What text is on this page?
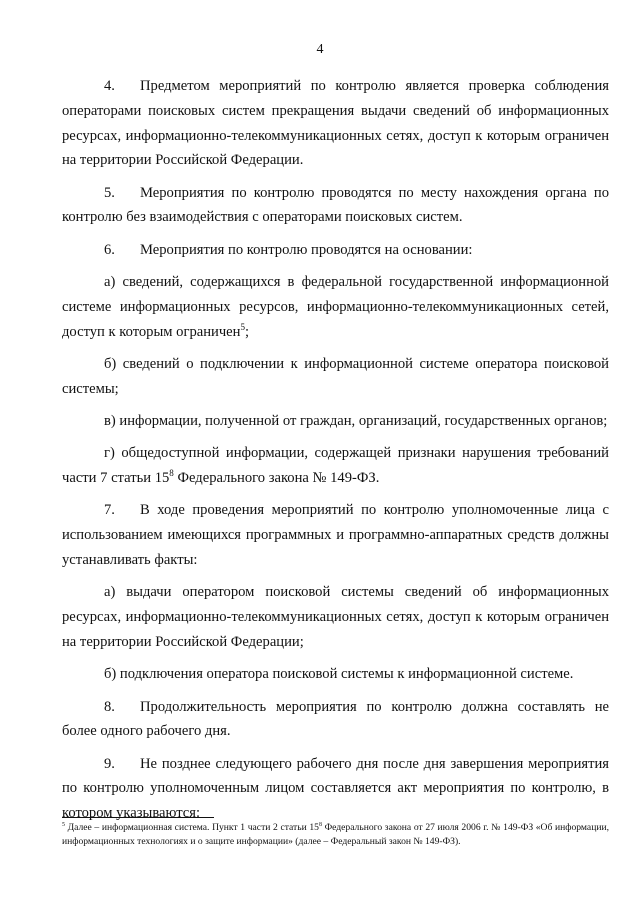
4

4. Предметом мероприятий по контролю является проверка соблюдения операторами поисковых систем прекращения выдачи сведений об информационных ресурсах, информационно-телекоммуникационных сетях, доступ к которым ограничен на территории Российской Федерации.

5. Мероприятия по контролю проводятся по месту нахождения органа по контролю без взаимодействия с операторами поисковых систем.

6. Мероприятия по контролю проводятся на основании:

а) сведений, содержащихся в федеральной государственной информационной системе информационных ресурсов, информационно-телекоммуникационных сетей, доступ к которым ограничен$^5$;

б) сведений о подключении к информационной системе оператора поисковой системы;

в) информации, полученной от граждан, организаций, государственных органов;

г) общедоступной информации, содержащей признаки нарушения требований части 7 статьи $15^8$ Федерального закона № 149-ФЗ.

7. В ходе проведения мероприятий по контролю уполномоченные лица с использованием имеющихся программных и программно-аппаратных средств должны устанавливать факты:

а) выдачи оператором поисковой системы сведений об информационных ресурсах, информационно-телекоммуникационных сетях, доступ к которым ограничен на территории Российской Федерации;

б) подключения оператора поисковой системы к информационной системе.

8. Продолжительность мероприятия по контролю должна составлять не более одного рабочего дня.

9. Не позднее следующего рабочего дня после дня завершения мероприятия по контролю уполномоченным лицом составляется акт мероприятия по контролю, в котором указываются:

$^5$ Далее – информационная система. Пункт 1 части 2 статьи $15^8$ Федерального закона от 27 июля 2006 г. № 149-ФЗ «Об информации, информационных технологиях и о защите информации» (далее – Федеральный закон № 149-ФЗ).
